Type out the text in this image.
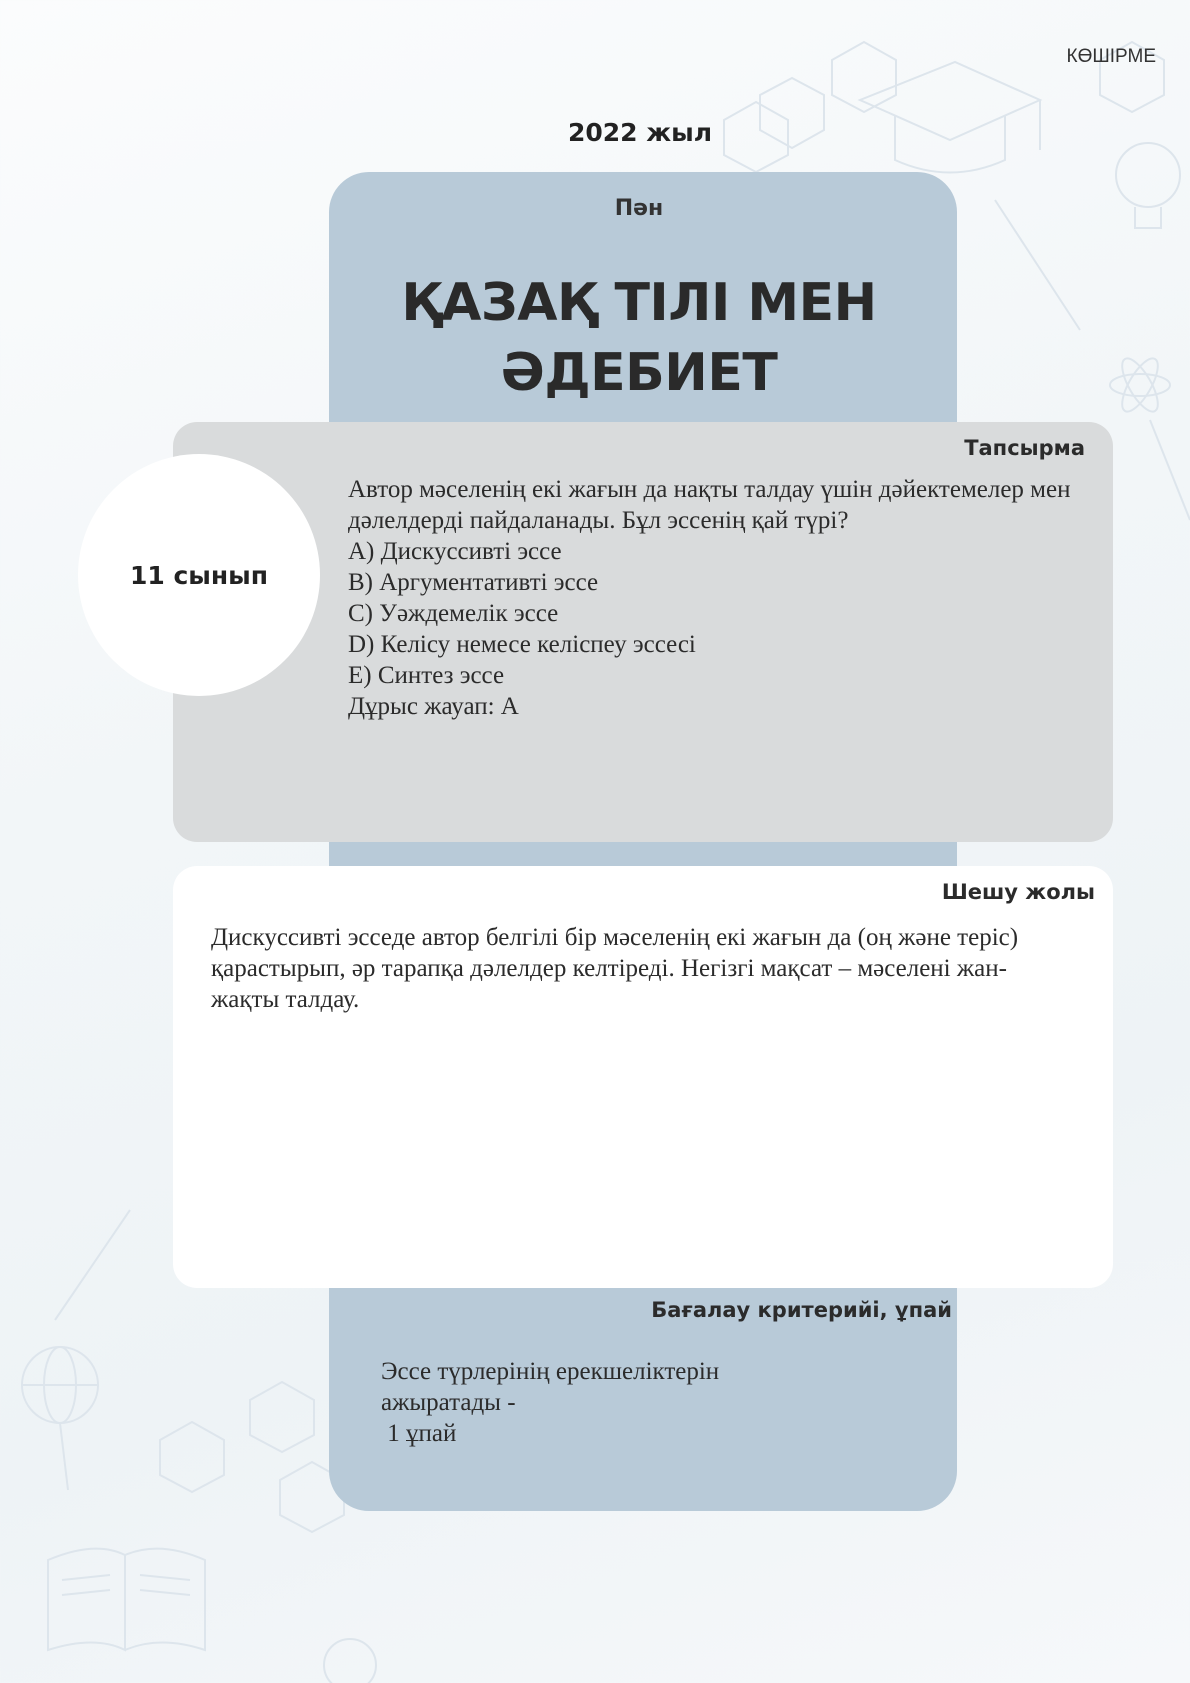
КӨШІРМЕ
2022 жыл
Пән
ҚАЗАҚ ТІЛІ МЕН
ӘДЕБИЕТ
Тапсырма
11 сынып

Автор мәселенің екі жағын да нақты талдау үшін дәйектемелер мен дәлелдерді пайдаланады. Бұл эссенің қай түрі?

A) Дискуссивті эссе

B) Аргументативті эссе

C) Уәждемелік эссе

D) Келісу немесе келіспеу эссесі

E) Синтез эссе

Дұрыс жауап: A

Шешу жолы
Дискуссивті эсседе автор белгілі бір мәселенің екі жағын да (оң және теріс) қарастырып, әр тарапқа дәлелдер келтіреді. Негізгі мақсат – мәселені жан-жақты талдау.
Бағалау критерийі, ұпай

Эссе түрлерінің ерекшеліктерін

ажыратады -

1 ұпай
